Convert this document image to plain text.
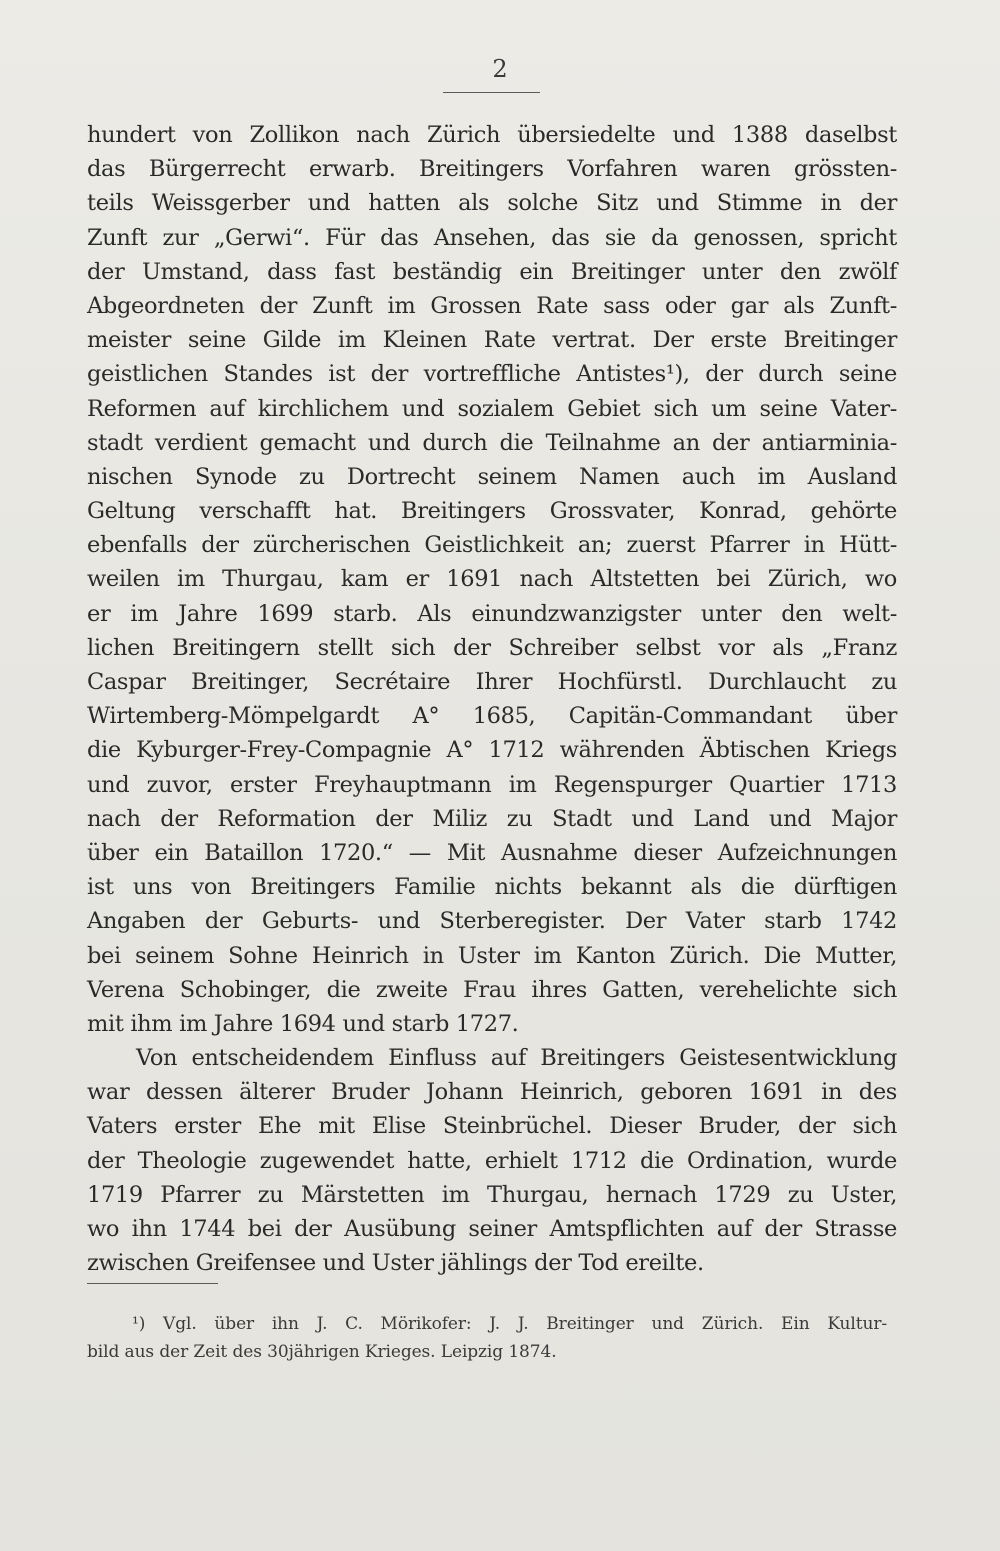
2
hundert von Zollikon nach Zürich übersiedelte und 1388 daselbst
das Bürgerrecht erwarb. Breitingers Vorfahren waren grössten-
teils Weissgerber und hatten als solche Sitz und Stimme in der
Zunft zur „Gerwi“. Für das Ansehen, das sie da genossen, spricht
der Umstand, dass fast beständig ein Breitinger unter den zwölf
Abgeordneten der Zunft im Grossen Rate sass oder gar als Zunft-
meister seine Gilde im Kleinen Rate vertrat. Der erste Breitinger
geistlichen Standes ist der vortreffliche Antistes¹), der durch seine
Reformen auf kirchlichem und sozialem Gebiet sich um seine Vater-
stadt verdient gemacht und durch die Teilnahme an der antiarminia-
nischen Synode zu Dortrecht seinem Namen auch im Ausland
Geltung verschafft hat. Breitingers Grossvater, Konrad, gehörte
ebenfalls der zürcherischen Geistlichkeit an; zuerst Pfarrer in Hütt-
weilen im Thurgau, kam er 1691 nach Altstetten bei Zürich, wo
er im Jahre 1699 starb. Als einundzwanzigster unter den welt-
lichen Breitingern stellt sich der Schreiber selbst vor als „Franz
Caspar Breitinger, Secrétaire Ihrer Hochfürstl. Durchlaucht zu
Wirtemberg-Mömpelgardt A° 1685, Capitän-Commandant über
die Kyburger-Frey-Compagnie A° 1712 währenden Äbtischen Kriegs
und zuvor, erster Freyhauptmann im Regenspurger Quartier 1713
nach der Reformation der Miliz zu Stadt und Land und Major
über ein Bataillon 1720.“ — Mit Ausnahme dieser Aufzeichnungen
ist uns von Breitingers Familie nichts bekannt als die dürftigen
Angaben der Geburts- und Sterberegister. Der Vater starb 1742
bei seinem Sohne Heinrich in Uster im Kanton Zürich. Die Mutter,
Verena Schobinger, die zweite Frau ihres Gatten, verehelichte sich
mit ihm im Jahre 1694 und starb 1727.
Von entscheidendem Einfluss auf Breitingers Geistesentwicklung
war dessen älterer Bruder Johann Heinrich, geboren 1691 in des
Vaters erster Ehe mit Elise Steinbrüchel. Dieser Bruder, der sich
der Theologie zugewendet hatte, erhielt 1712 die Ordination, wurde
1719 Pfarrer zu Märstetten im Thurgau, hernach 1729 zu Uster,
wo ihn 1744 bei der Ausübung seiner Amtspflichten auf der Strasse
zwischen Greifensee und Uster jählings der Tod ereilte.
¹) Vgl. über ihn J. C. Mörikofer: J. J. Breitinger und Zürich. Ein Kultur-
bild aus der Zeit des 30jährigen Krieges. Leipzig 1874.
